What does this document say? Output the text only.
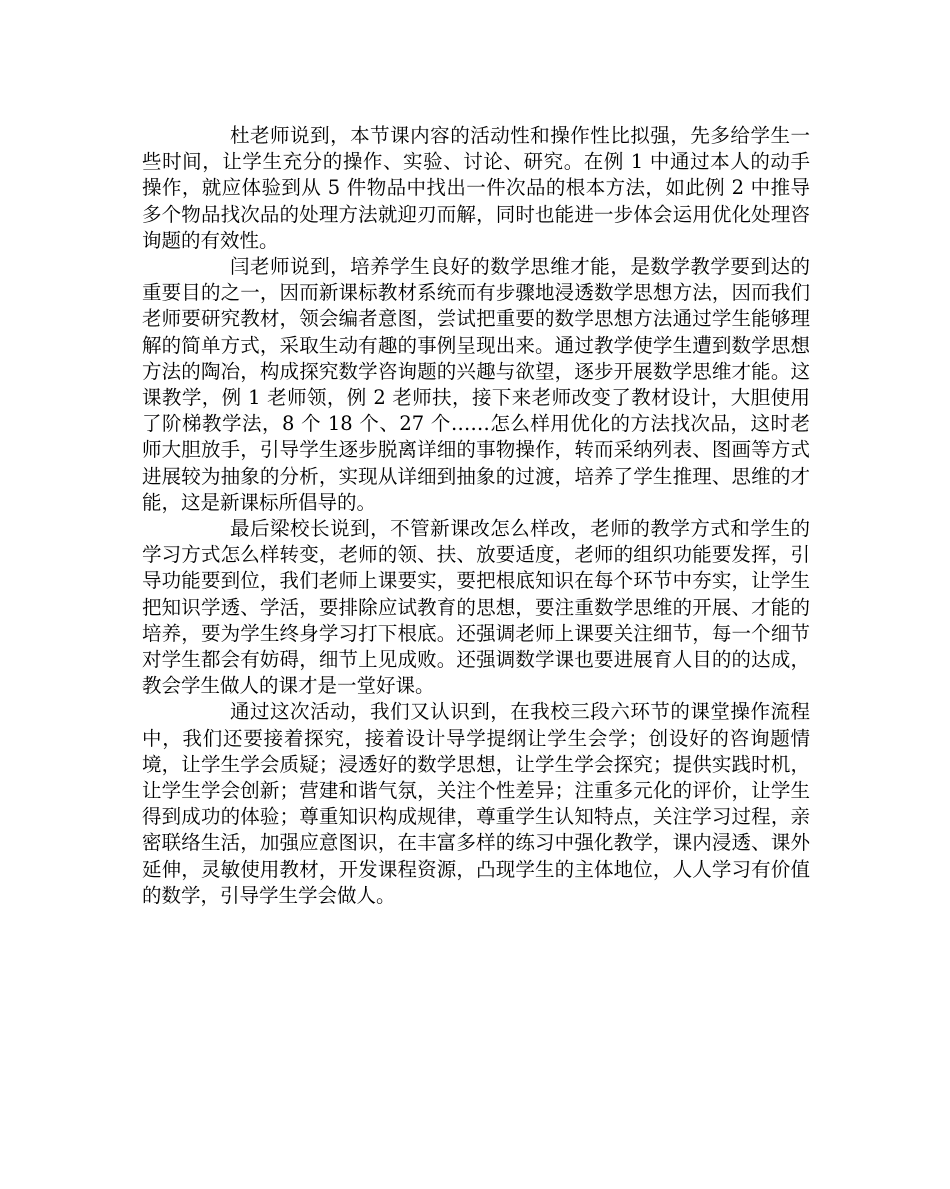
杜老师说到，本节课内容的活动性和操作性比拟强，先多给学生一些时间，让学生充分的操作、实验、讨论、研究。在例 1 中通过本人的动手操作，就应体验到从 5 件物品中找出一件次品的根本方法，如此例 2 中推导多个物品找次品的处理方法就迎刃而解，同时也能进一步体会运用优化处理咨询题的有效性。

闫老师说到，培养学生良好的数学思维才能，是数学教学要到达的重要目的之一，因而新课标教材系统而有步骤地浸透数学思想方法，因而我们老师要研究教材，领会编者意图，尝试把重要的数学思想方法通过学生能够理解的简单方式，采取生动有趣的事例呈现出来。通过教学使学生遭到数学思想方法的陶冶，构成探究数学咨询题的兴趣与欲望，逐步开展数学思维才能。这课教学，例 1 老师领，例 2 老师扶，接下来老师改变了教材设计，大胆使用了阶梯教学法，8 个 18 个、27 个……怎么样用优化的方法找次品，这时老师大胆放手，引导学生逐步脱离详细的事物操作，转而采纳列表、图画等方式进展较为抽象的分析，实现从详细到抽象的过渡，培养了学生推理、思维的才能，这是新课标所倡导的。

最后梁校长说到，不管新课改怎么样改，老师的教学方式和学生的学习方式怎么样转变，老师的领、扶、放要适度，老师的组织功能要发挥，引导功能要到位，我们老师上课要实，要把根底知识在每个环节中夯实，让学生把知识学透、学活，要排除应试教育的思想，要注重数学思维的开展、才能的培养，要为学生终身学习打下根底。还强调老师上课要关注细节，每一个细节对学生都会有妨碍，细节上见成败。还强调数学课也要进展育人目的的达成，教会学生做人的课才是一堂好课。

通过这次活动，我们又认识到，在我校三段六环节的课堂操作流程中，我们还要接着探究，接着设计导学提纲让学生会学；创设好的咨询题情境，让学生学会质疑；浸透好的数学思想，让学生学会探究；提供实践时机，让学生学会创新；营建和谐气氛，关注个性差异；注重多元化的评价，让学生得到成功的体验；尊重知识构成规律，尊重学生认知特点，关注学习过程，亲密联络生活，加强应意图识，在丰富多样的练习中强化教学，课内浸透、课外延伸，灵敏使用教材，开发课程资源，凸现学生的主体地位，人人学习有价值的数学，引导学生学会做人。
